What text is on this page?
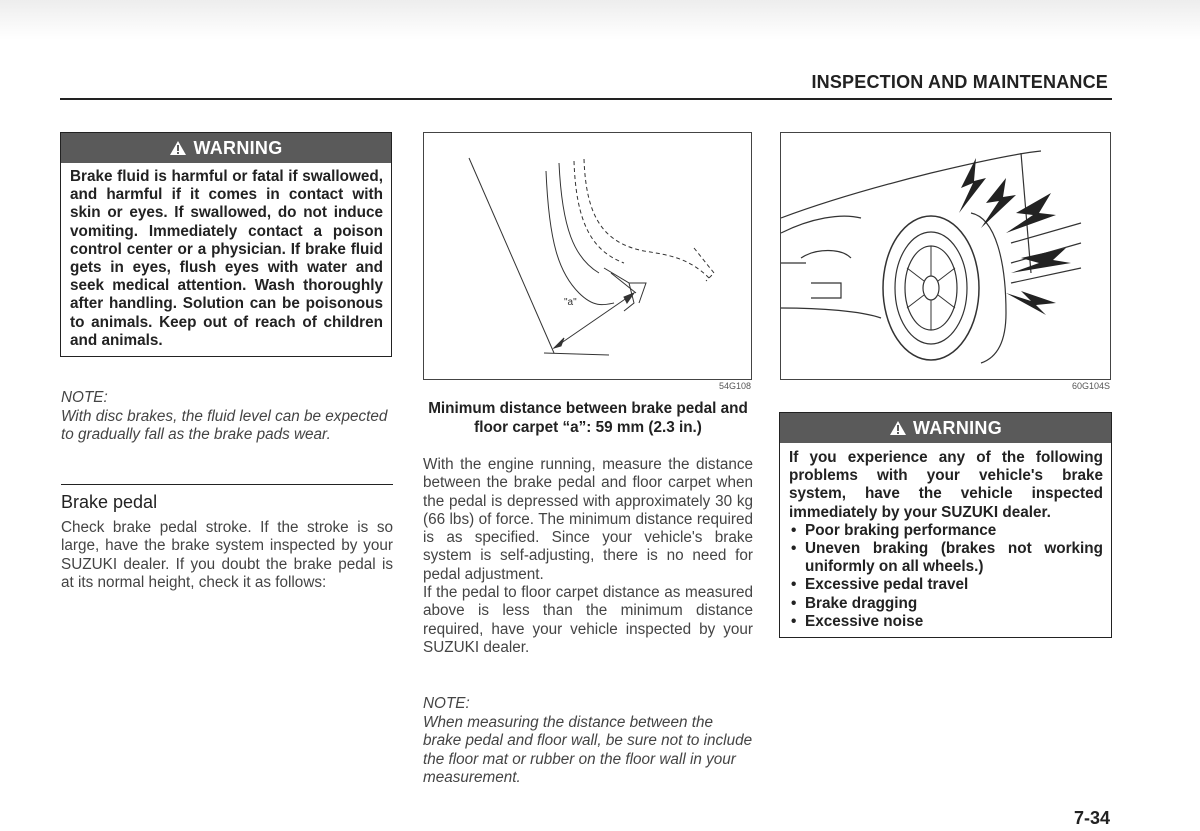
INSPECTION AND MAINTENANCE
WARNING
Brake fluid is harmful or fatal if swallowed, and harmful if it comes in contact with skin or eyes. If swallowed, do not induce vomiting. Immediately contact a poison control center or a physician. If brake fluid gets in eyes, flush eyes with water and seek medical attention. Wash thoroughly after handling. Solution can be poisonous to animals. Keep out of reach of children and animals.
NOTE:
With disc brakes, the fluid level can be expected to gradually fall as the brake pads wear.
Brake pedal
Check brake pedal stroke. If the stroke is so large, have the brake system inspected by your SUZUKI dealer. If you doubt the brake pedal is at its normal height, check it as follows:
"a"
54G108
Minimum distance between brake pedal and floor carpet “a”: 59 mm (2.3 in.)

With the engine running, measure the distance between the brake pedal and floor carpet when the pedal is depressed with approximately 30 kg (66 lbs) of force. The minimum distance required is as specified. Since your vehicle's brake system is self-adjusting, there is no need for pedal adjustment.

If the pedal to floor carpet distance as measured above is less than the minimum distance required, have your vehicle inspected by your SUZUKI dealer.

NOTE:
When measuring the distance between the brake pedal and floor wall, be sure not to include the floor mat or rubber on the floor wall in your measurement.
60G104S
WARNING
If you experience any of the following problems with your vehicle's brake system, have the vehicle inspected immediately by your SUZUKI dealer.
• Poor braking performance
• Uneven braking (brakes not working uniformly on all wheels.)
• Excessive pedal travel
• Brake dragging
• Excessive noise
7-34
